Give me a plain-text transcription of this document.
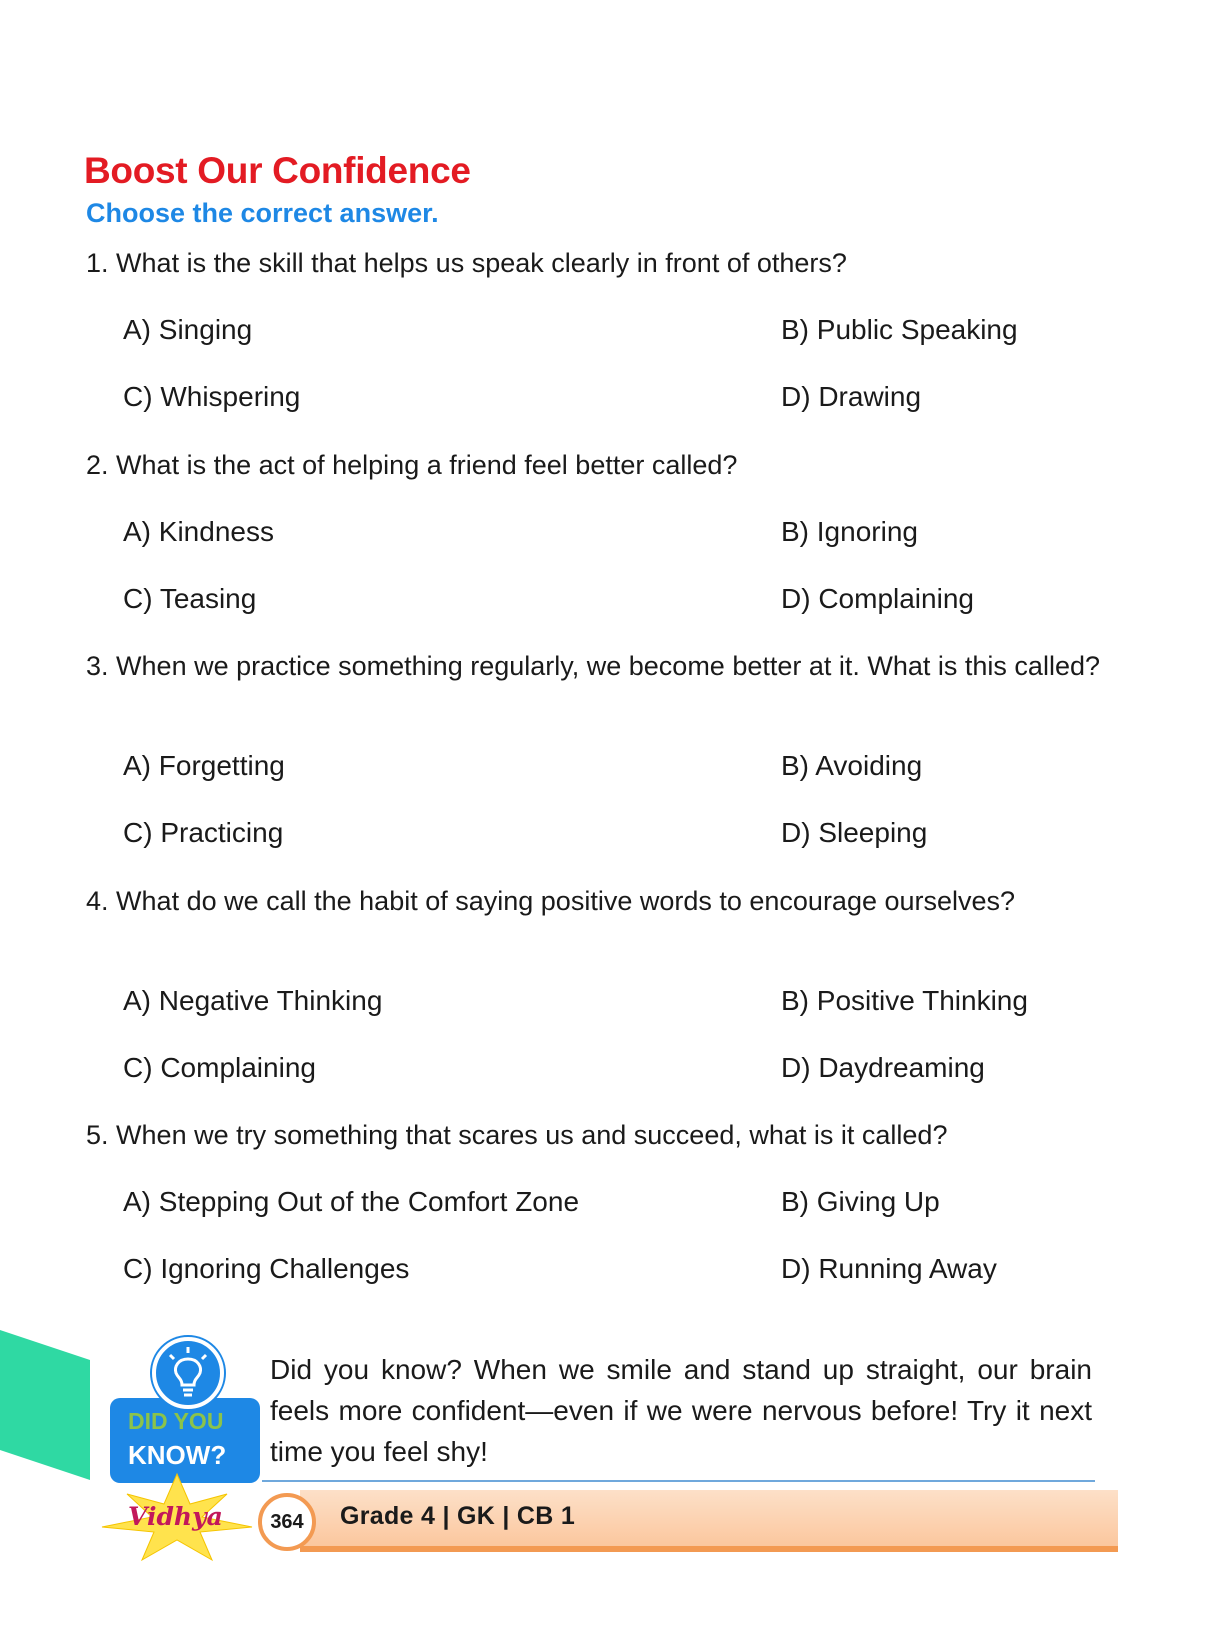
Boost Our Confidence
Choose the correct answer.
1. What is the skill that helps us speak clearly in front of others?
A) Singing	B) Public Speaking
C) Whispering	D) Drawing
2. What is the act of helping a friend feel better called?
A) Kindness	B) Ignoring
C) Teasing	D) Complaining
3. When we practice something regularly, we become better at it. What is this called?
A) Forgetting	B) Avoiding
C) Practicing	D) Sleeping
4. What do we call the habit of saying positive words to encourage ourselves?
A) Negative Thinking	B) Positive Thinking
C) Complaining	D) Daydreaming
5. When we try something that scares us and succeed, what is it called?
A) Stepping Out of the Comfort Zone	B) Giving Up
C) Ignoring Challenges	D) Running Away
DID YOU
KNOW?
Did you know? When we smile and stand up straight, our brain feels more confident—even if we were nervous before! Try it next time you feel shy!
Vidhya	364	Grade 4 | GK | CB 1
